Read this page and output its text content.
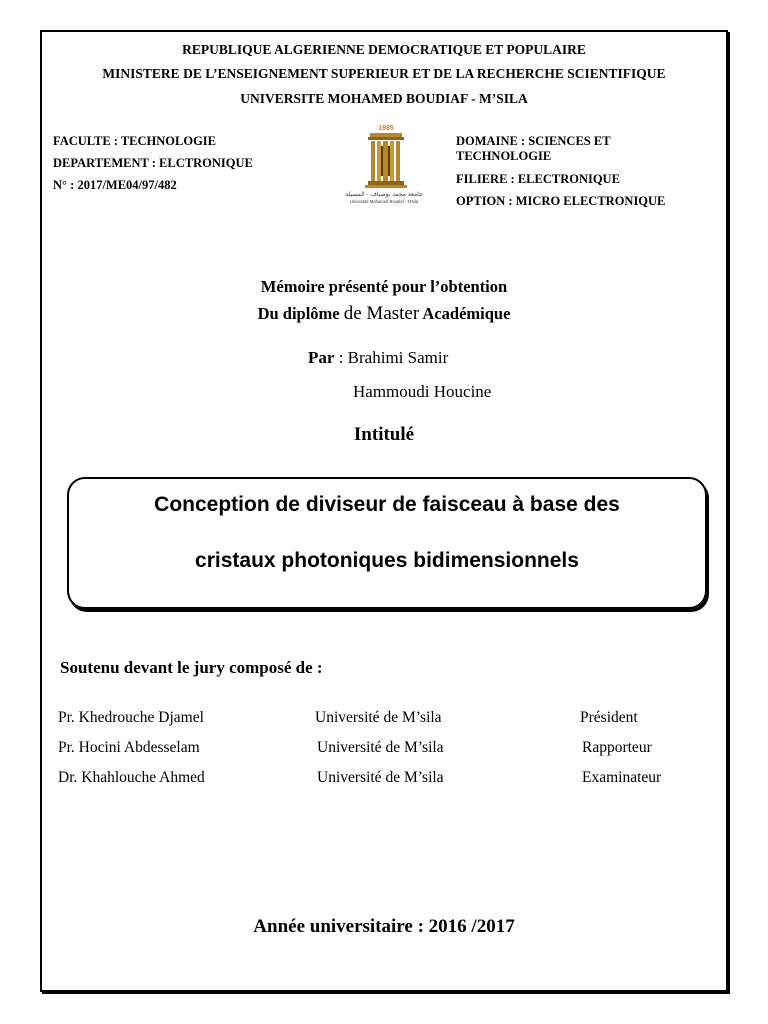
REPUBLIQUE ALGERIENNE DEMOCRATIQUE ET POPULAIRE
MINISTERE DE L’ENSEIGNEMENT SUPERIEUR ET DE LA RECHERCHE SCIENTIFIQUE
UNIVERSITE MOHAMED BOUDIAF - M’SILA
FACULTE : TECHNOLOGIE
DEPARTEMENT : ELCTRONIQUE
N° : 2017/ME04/97/482
1985
جامعة محمد بوضياف - المسيلة
Université Mohamed Boudiaf - M'sila
DOMAINE : SCIENCES ET
TECHNOLOGIE
FILIERE : ELECTRONIQUE
OPTION : MICRO ELECTRONIQUE
Mémoire présenté pour l’obtention
Du diplôme de Master Académique
Par : Brahimi Samir
Hammoudi Houcine
Intitulé
Conception de diviseur de faisceau à base des
cristaux photoniques bidimensionnels
Soutenu devant le jury composé de :
Pr. Khedrouche Djamel	Université de M’sila	Président
Pr. Hocini Abdesselam	Université de M’sila	Rapporteur
Dr. Khahlouche Ahmed	Université de M’sila	Examinateur
Année universitaire : 2016 /2017
